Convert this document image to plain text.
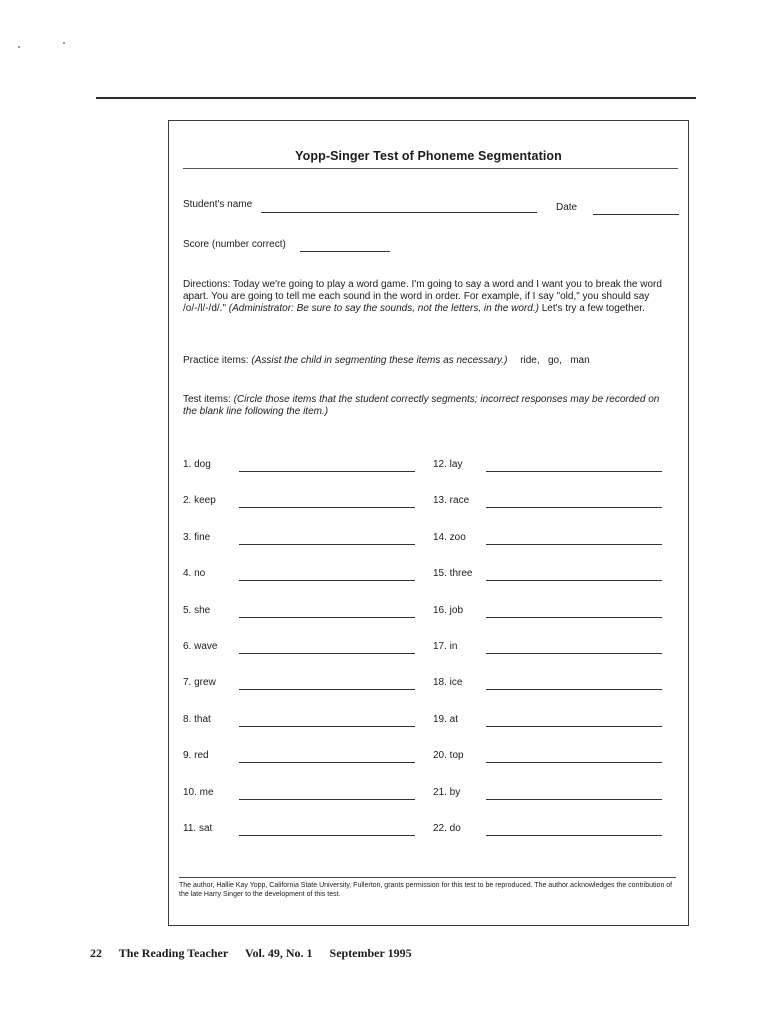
Yopp-Singer Test of Phoneme Segmentation
Student's name	Date
Score (number correct)
Directions: Today we're going to play a word game. I'm going to say a word and I want you to break the word apart. You are going to tell me each sound in the word in order. For example, if I say "old," you should say /o/-/l/-/d/." (Administrator: Be sure to say the sounds, not the letters, in the word.) Let's try a few together.
Practice items: (Assist the child in segmenting these items as necessary.) ride,   go,   man
Test items: (Circle those items that the student correctly segments; incorrect responses may be recorded on the blank line following the item.)
1. dog
2. keep
3. fine
4. no
5. she
6. wave
7. grew
8. that
9. red
10. me
11. sat
12. lay
13. race
14. zoo
15. three
16. job
17. in
18. ice
19. at
20. top
21. by
22. do
The author, Hallie Kay Yopp, California State University, Fullerton, grants permission for this test to be reproduced. The author acknowledges the contribution of the late Harry Singer to the development of this test.
22 The Reading Teacher Vol. 49, No. 1 September 1995
